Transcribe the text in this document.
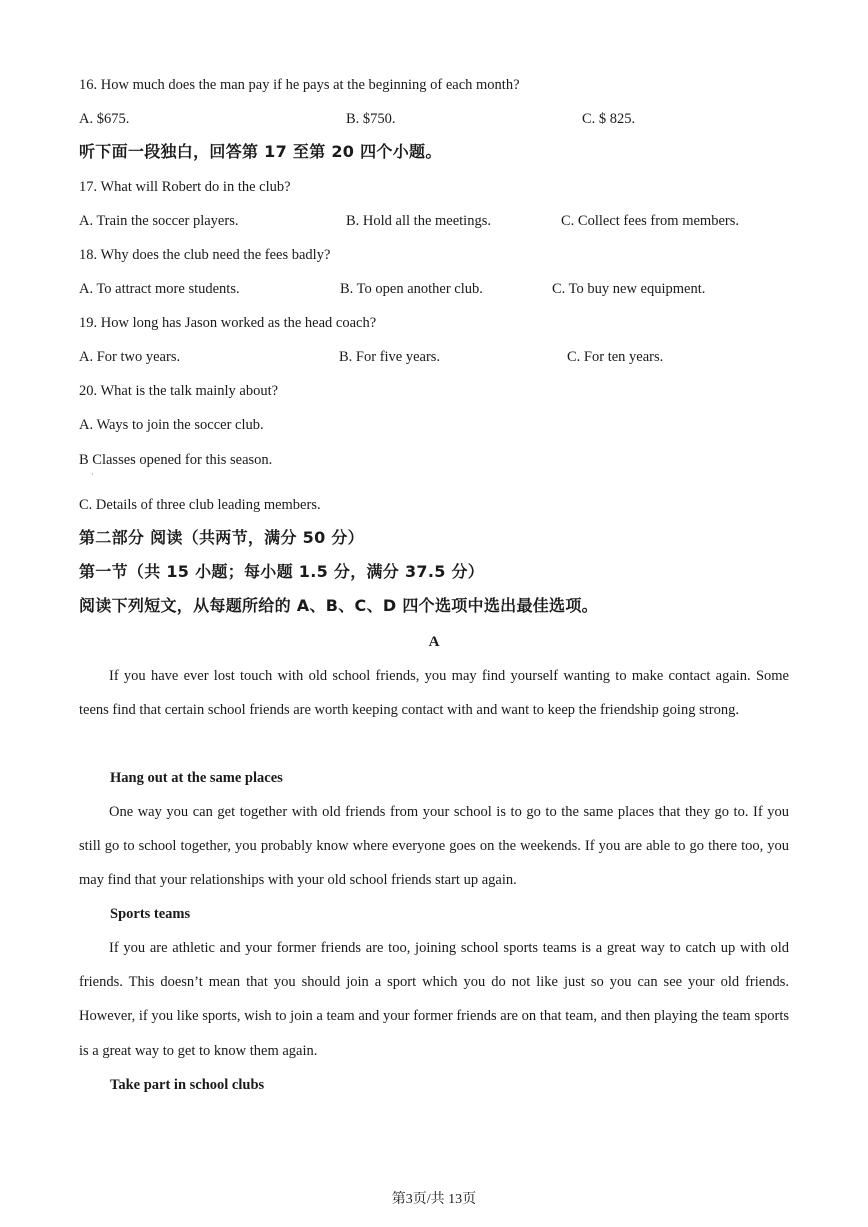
16. How much does the man pay if he pays at the beginning of each month?
A. $675.	B. $750.	C. $ 825.
听下面一段独白，回答第 17 至第 20 四个小题。
17. What will Robert do in the club?
A. Train the soccer players.	B. Hold all the meetings.	C. Collect fees from members.
18. Why does the club need the fees badly?
A. To attract more students.	B. To open another club.	C. To buy new equipment.
19. How long has Jason worked as the head coach?
A. For two years.	B. For five years.	C. For ten years.
20. What is the talk mainly about?
A. Ways to join the soccer club.
B Classes opened for this season.
·
C. Details of three club leading members.
第二部分 阅读（共两节，满分 50 分）
第一节（共 15 小题；每小题 1.5 分，满分 37.5 分）
阅读下列短文，从每题所给的 A、B、C、D 四个选项中选出最佳选项。
A
If you have ever lost touch with old school friends, you may find yourself wanting to make contact again. Some teens find that certain school friends are worth keeping contact with and want to keep the friendship going strong.
Hang out at the same places
One way you can get together with old friends from your school is to go to the same places that they go to. If you still go to school together, you probably know where everyone goes on the weekends. If you are able to go there too, you may find that your relationships with your old school friends start up again.
Sports teams
If you are athletic and your former friends are too, joining school sports teams is a great way to catch up with old friends. This doesn’t mean that you should join a sport which you do not like just so you can see your old friends. However, if you like sports, wish to join a team and your former friends are on that team, and then playing the team sports is a great way to get to know them again.
Take part in school clubs
第3页/共 13页
